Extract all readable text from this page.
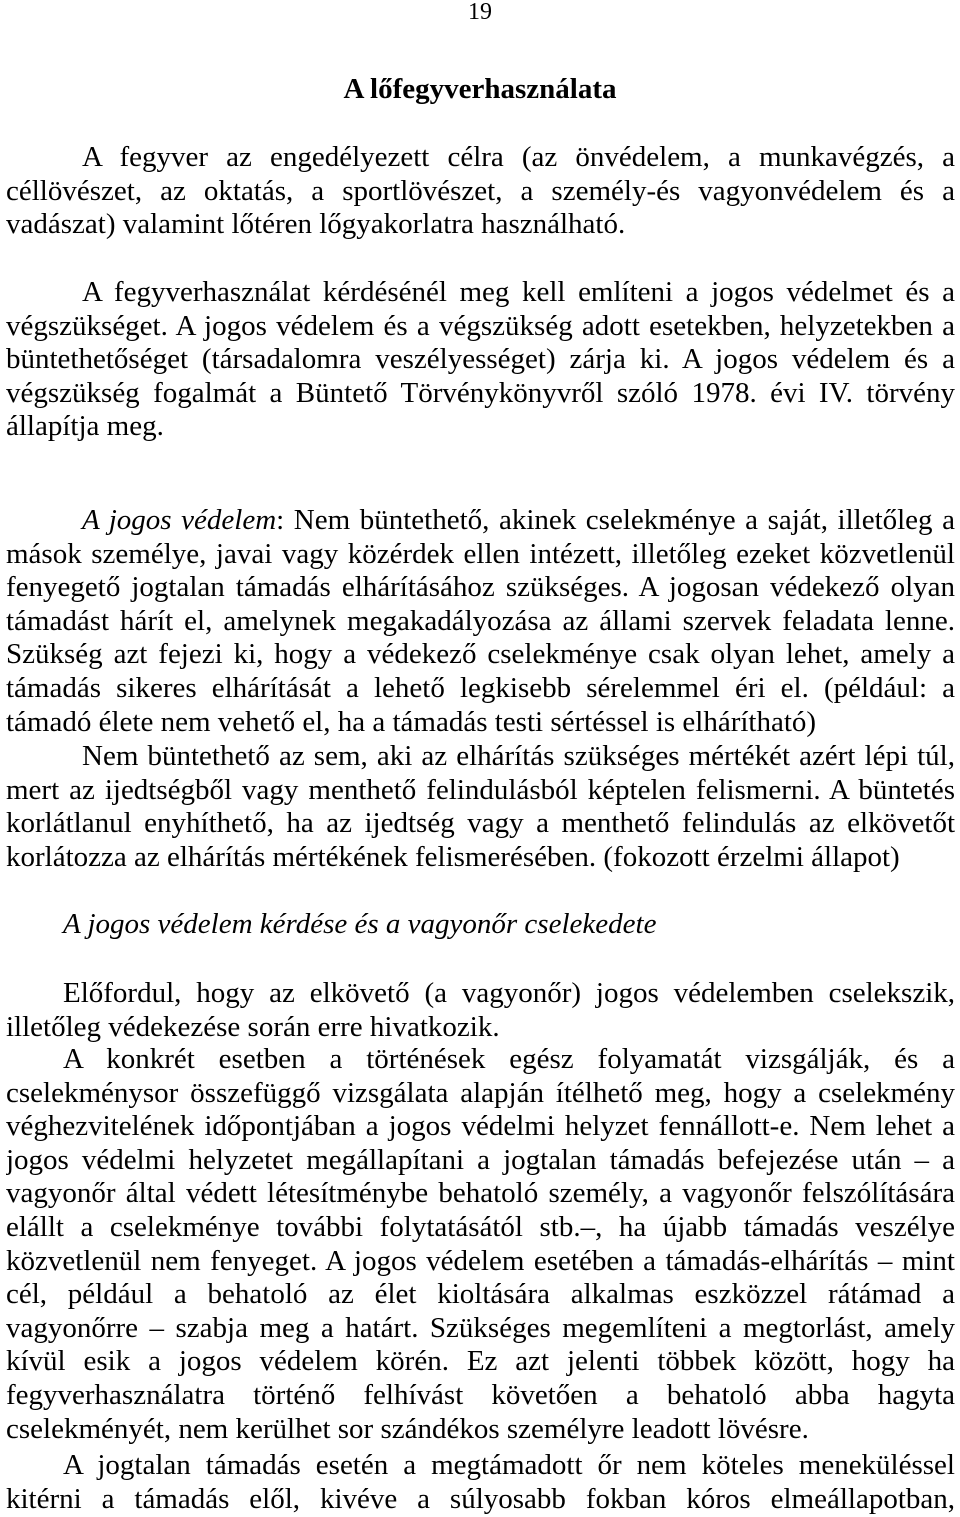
19
A lőfegyverhasználata
A fegyver az engedélyezett célra (az önvédelem, a munkavégzés, a
céllövészet, az oktatás, a sportlövészet, a személy-és vagyonvédelem és a
vadászat) valamint lőtéren lőgyakorlatra használható.
A fegyverhasználat kérdésénél meg kell említeni a jogos védelmet és a
végszükséget. A jogos védelem és a végszükség adott esetekben, helyzetekben a
büntethetőséget (társadalomra veszélyességet) zárja ki. A jogos védelem és a
végszükség fogalmát a Büntető Törvénykönyvről szóló 1978. évi IV. törvény
állapítja meg.
A jogos védelem: Nem büntethető, akinek cselekménye a saját, illetőleg a
mások személye, javai vagy közérdek ellen intézett, illetőleg ezeket közvetlenül
fenyegető jogtalan támadás elhárításához szükséges. A jogosan védekező olyan
támadást hárít el, amelynek megakadályozása az állami szervek feladata lenne.
Szükség azt fejezi ki, hogy a védekező cselekménye csak olyan lehet, amely a
támadás sikeres elhárítását a lehető legkisebb sérelemmel éri el. (például: a
támadó élete nem vehető el, ha a támadás testi sértéssel is elhárítható)
Nem büntethető az sem, aki az elhárítás szükséges mértékét azért lépi túl,
mert az ijedtségből vagy menthető felindulásból képtelen felismerni. A büntetés
korlátlanul enyhíthető, ha az ijedtség vagy a menthető felindulás az elkövetőt
korlátozza az elhárítás mértékének felismerésében. (fokozott érzelmi állapot)
A jogos védelem kérdése és a vagyonőr cselekedete
Előfordul, hogy az elkövető (a vagyonőr) jogos védelemben cselekszik,
illetőleg védekezése során erre hivatkozik.
A konkrét esetben a történések egész folyamatát vizsgálják, és a
cselekménysor összefüggő vizsgálata alapján ítélhető meg, hogy a cselekmény
véghezvitelének időpontjában a jogos védelmi helyzet fennállott-e. Nem lehet a
jogos védelmi helyzetet megállapítani a jogtalan támadás befejezése után – a
vagyonőr által védett létesítménybe behatoló személy, a vagyonőr felszólítására
elállt a cselekménye további folytatásától stb.–, ha újabb támadás veszélye
közvetlenül nem fenyeget. A jogos védelem esetében a támadás-elhárítás – mint
cél, például a behatoló az élet kioltására alkalmas eszközzel rátámad a
vagyonőrre – szabja meg a határt. Szükséges megemlíteni a megtorlást, amely
kívül esik a jogos védelem körén. Ez azt jelenti többek között, hogy ha
fegyverhasználatra történő felhívást követően a behatoló abba hagyta
cselekményét, nem kerülhet sor szándékos személyre leadott lövésre.
A jogtalan támadás esetén a megtámadott őr nem köteles meneküléssel
kitérni a támadás elől, kivéve a súlyosabb fokban kóros elmeállapotban,
